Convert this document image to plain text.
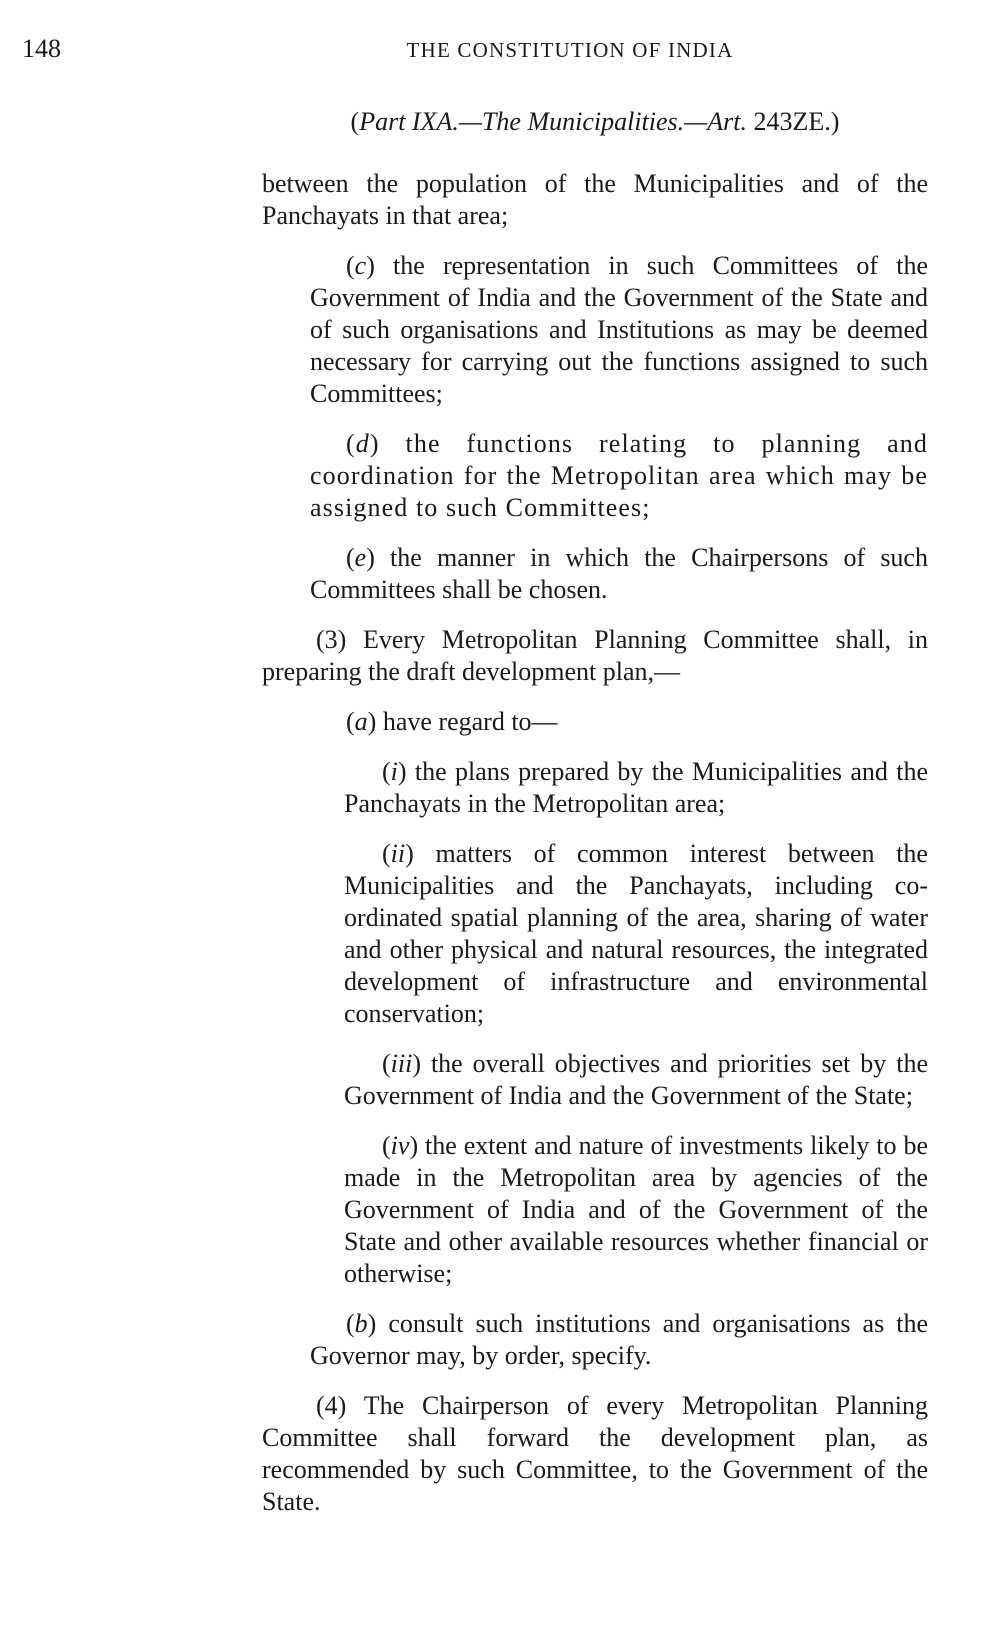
148	THE CONSTITUTION OF INDIA
(Part IXA.—The Municipalities.—Art. 243ZE.)

between the population of the Municipalities and of the Panchayats in that area;

(c) the representation in such Committees of the Government of India and the Government of the State and of such organisations and Institutions as may be deemed necessary for carrying out the functions assigned to such Committees;

(d) the functions relating to planning and coordination for the Metropolitan area which may be assigned to such Committees;

(e) the manner in which the Chairpersons of such Committees shall be chosen.

(3) Every Metropolitan Planning Committee shall, in preparing the draft development plan,—

(a) have regard to—

(i) the plans prepared by the Municipalities and the Panchayats in the Metropolitan area;

(ii) matters of common interest between the Municipalities and the Panchayats, including co-ordinated spatial planning of the area, sharing of water and other physical and natural resources, the integrated development of infrastructure and environmental conservation;

(iii) the overall objectives and priorities set by the Government of India and the Government of the State;

(iv) the extent and nature of investments likely to be made in the Metropolitan area by agencies of the Government of India and of the Government of the State and other available resources whether financial or otherwise;

(b) consult such institutions and organisations as the Governor may, by order, specify.

(4) The Chairperson of every Metropolitan Planning Committee shall forward the development plan, as recommended by such Committee, to the Government of the State.
